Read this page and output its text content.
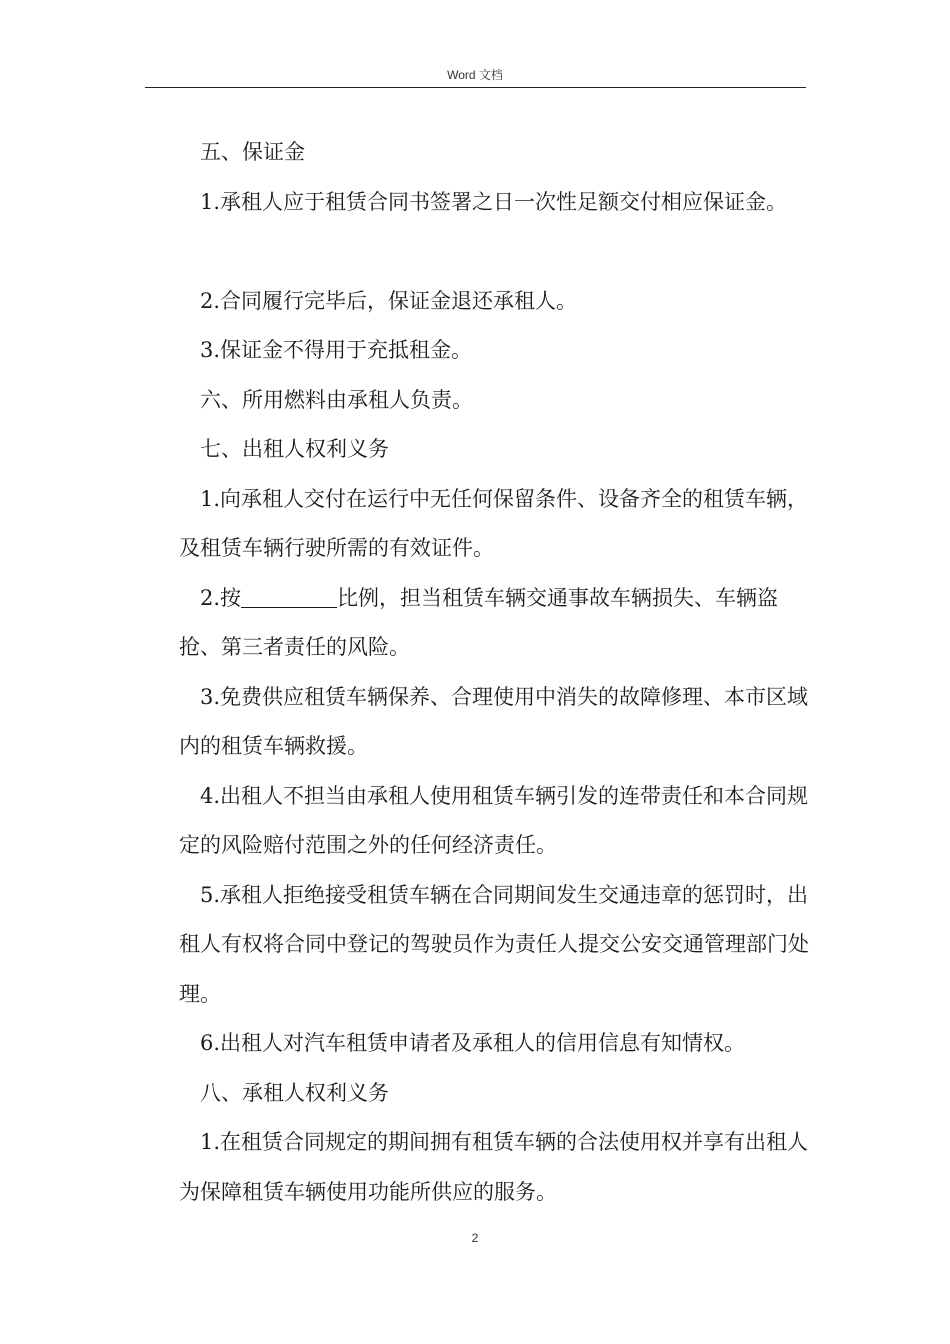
Word 文档

五、保证金

1.承租人应于租赁合同书签署之日一次性足额交付相应保证金。

2.合同履行完毕后，保证金退还承租人。

3.保证金不得用于充抵租金。

六、所用燃料由承租人负责。

七、出租人权利义务

1.向承租人交付在运行中无任何保留条件、设备齐全的租赁车辆，及租赁车辆行驶所需的有效证件。

2.按	比例，担当租赁车辆交通事故车辆损失、车辆盗抢、第三者责任的风险。

3.免费供应租赁车辆保养、合理使用中消失的故障修理、本市区域内的租赁车辆救援。

4.出租人不担当由承租人使用租赁车辆引发的连带责任和本合同规定的风险赔付范围之外的任何经济责任。

5.承租人拒绝接受租赁车辆在合同期间发生交通违章的惩罚时，出租人有权将合同中登记的驾驶员作为责任人提交公安交通管理部门处理。

6.出租人对汽车租赁申请者及承租人的信用信息有知情权。

八、承租人权利义务

1.在租赁合同规定的期间拥有租赁车辆的合法使用权并享有出租人为保障租赁车辆使用功能所供应的服务。

2
